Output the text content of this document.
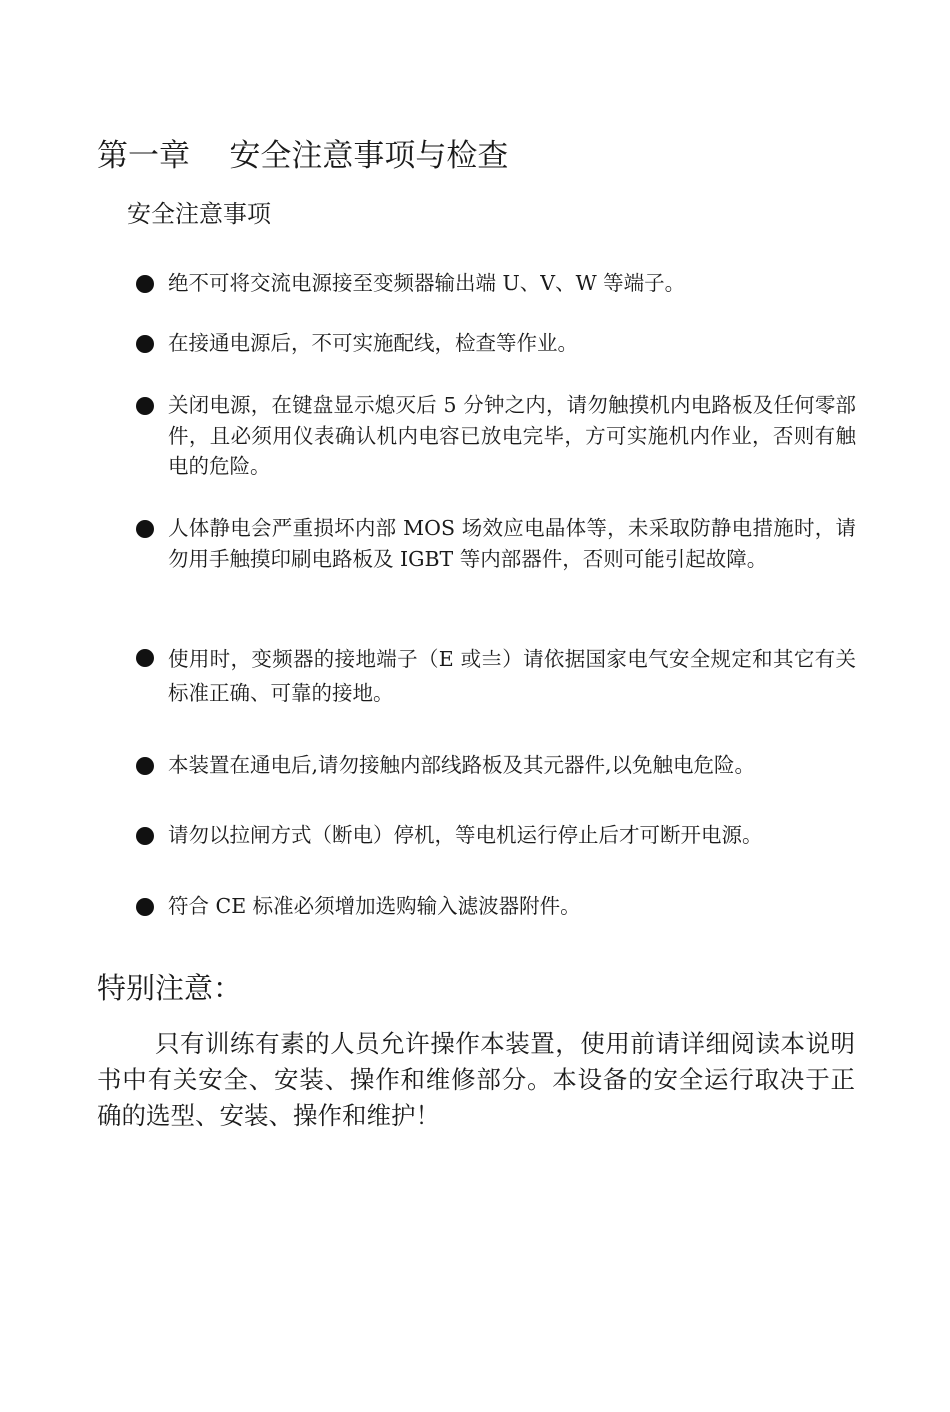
第一章    安全注意事项与检查
安全注意事项
绝不可将交流电源接至变频器输出端 U、V、W 等端子。
在接通电源后，不可实施配线，检查等作业。
关闭电源，在键盘显示熄灭后 5 分钟之内，请勿触摸机内电路板及任何零部件，且必须用仪表确认机内电容已放电完毕，方可实施机内作业，否则有触电的危险。
人体静电会严重损坏内部 MOS 场效应电晶体等，未采取防静电措施时，请勿用手触摸印刷电路板及 IGBT 等内部器件，否则可能引起故障。
使用时，变频器的接地端子（E 或〨）请依据国家电气安全规定和其它有关标准正确、可靠的接地。
本装置在通电后,请勿接触内部线路板及其元器件,以免触电危险。
请勿以拉闸方式（断电）停机，等电机运行停止后才可断开电源。
符合 CE 标准必须增加选购输入滤波器附件。
特别注意：

只有训练有素的人员允许操作本装置，使用前请详细阅读本说明书中有关安全、安装、操作和维修部分。本设备的安全运行取决于正确的选型、安装、操作和维护！
